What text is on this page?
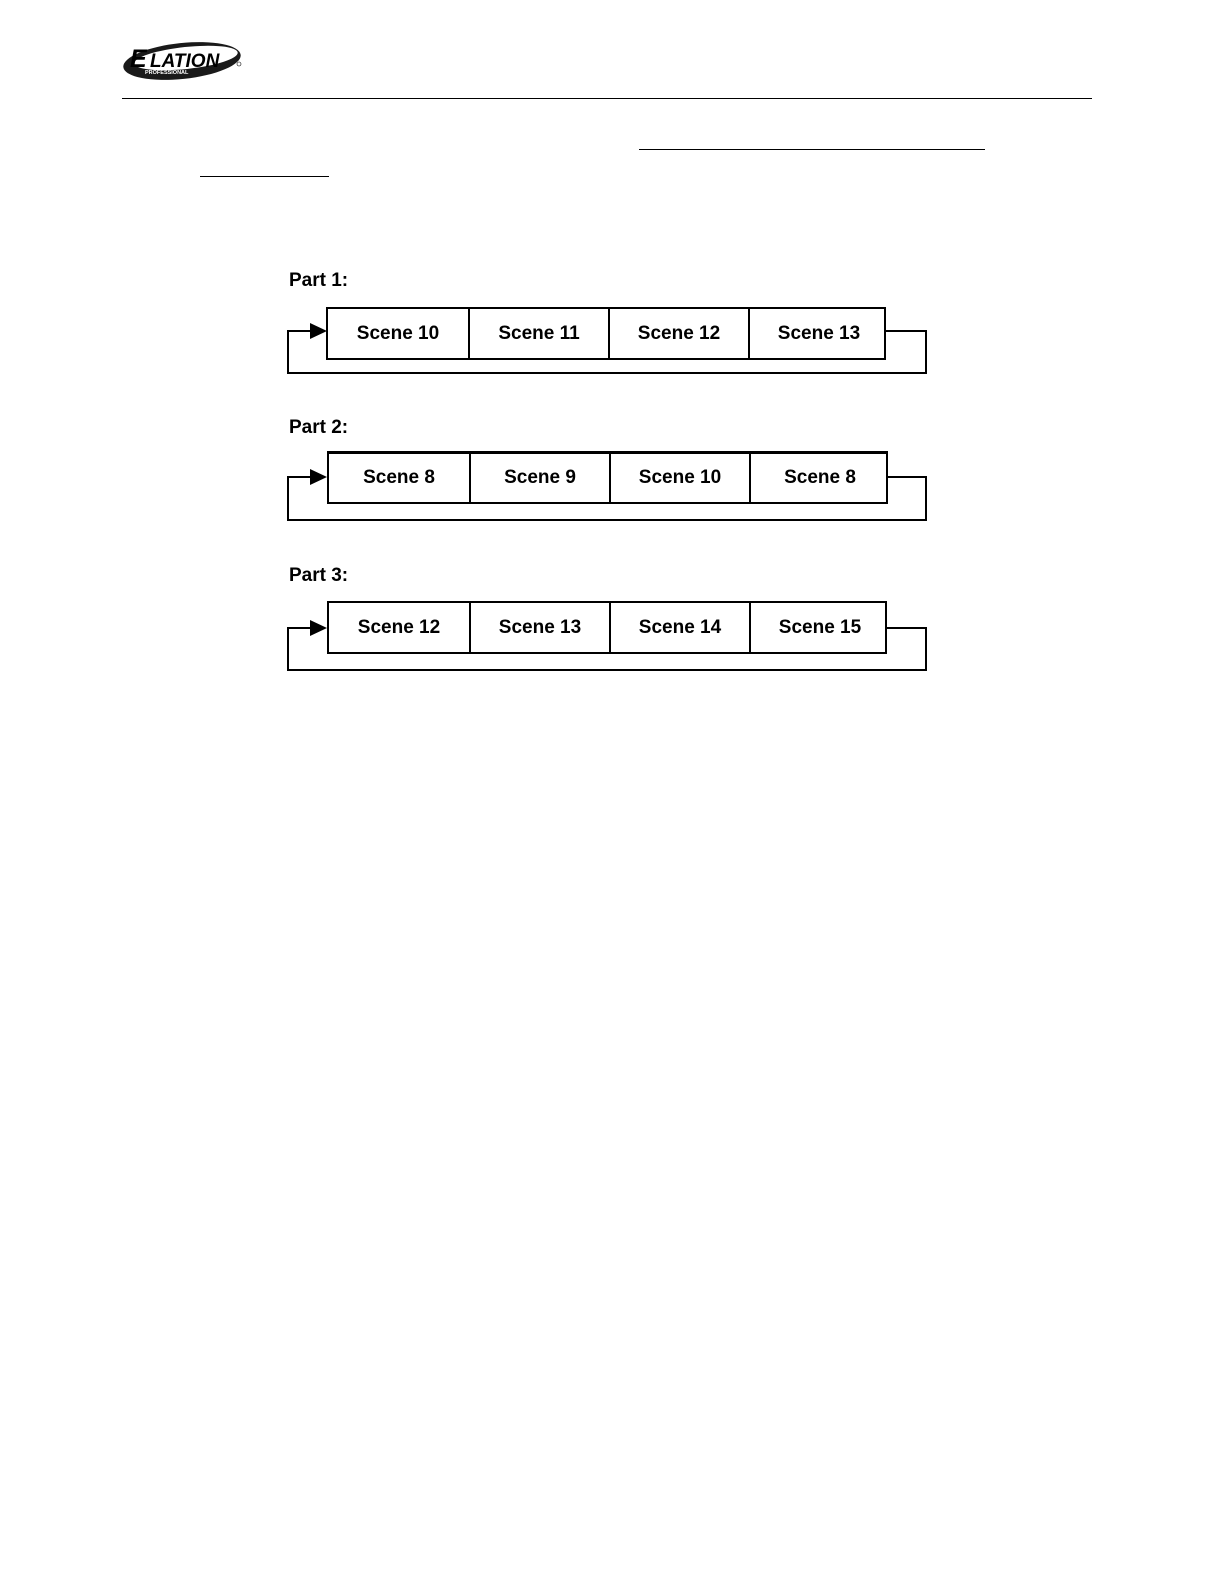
E LATION
PROFESSIONAL

Part 1:

Scene 10	Scene 11	Scene 12	Scene 13

Part 2:

Scene 8	Scene 9	Scene 10	Scene 8

Part 3:

Scene 12	Scene 13	Scene 14	Scene 15
